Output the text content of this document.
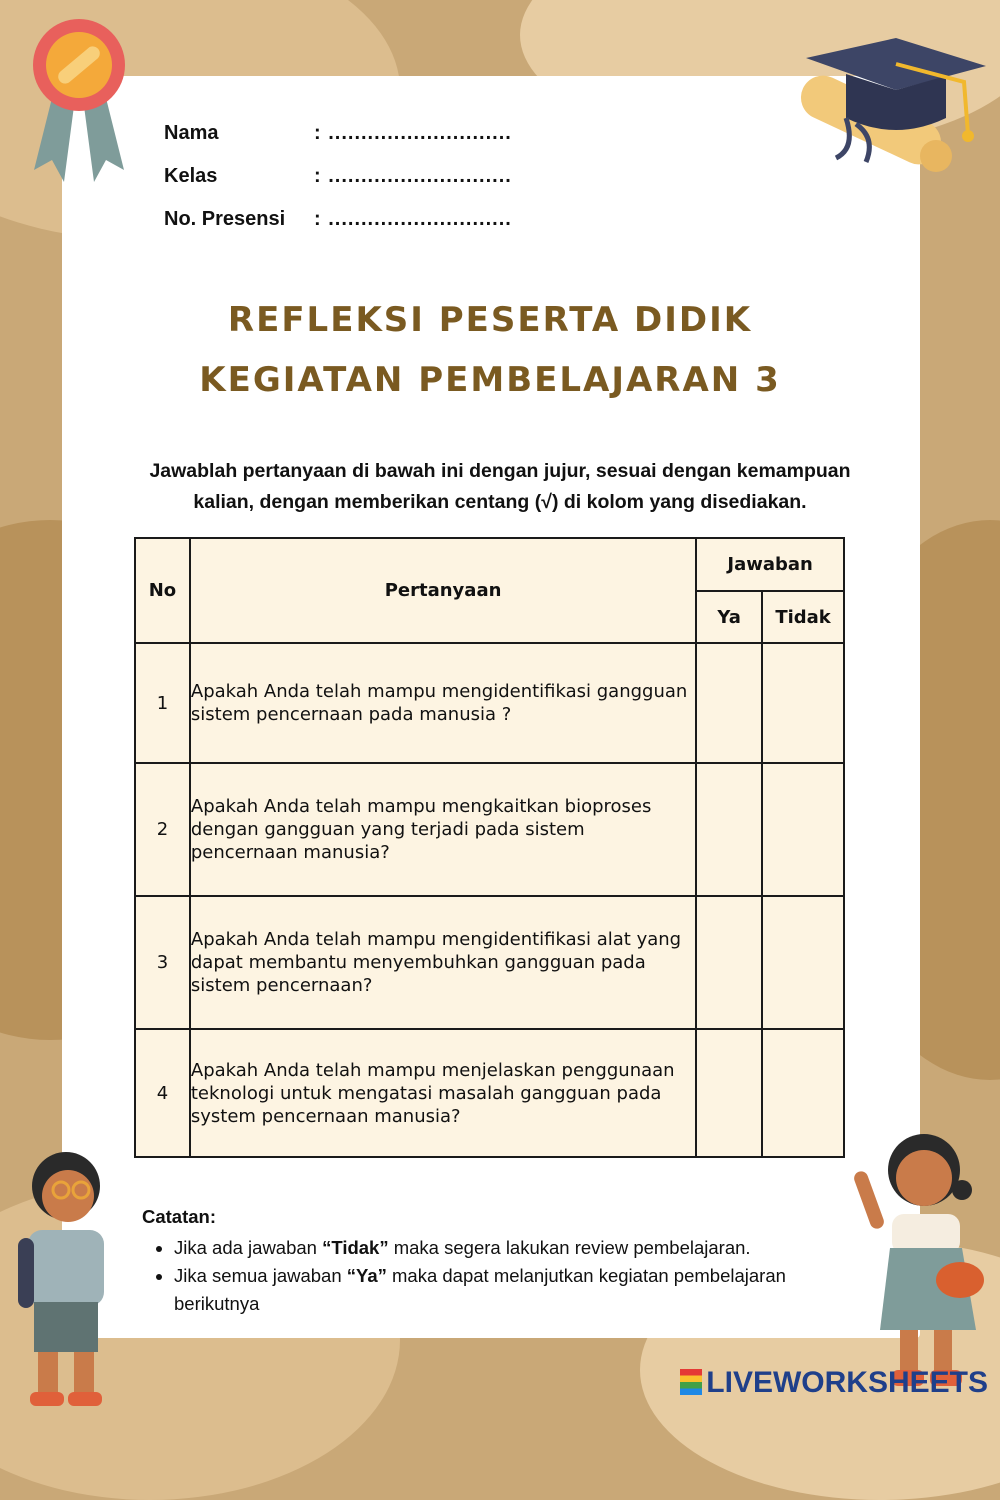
Nama	: ............................
Kelas	: ............................
No. Presensi	: ............................
REFLEKSI PESERTA DIDIK
KEGIATAN PEMBELAJARAN 3
Jawablah pertanyaan di bawah ini dengan jujur, sesuai dengan kemampuan
kalian, dengan memberikan centang (√) di kolom yang disediakan.
No	Pertanyaan	Jawaban	
		Ya	Tidak
1	Apakah Anda telah mampu mengidentifikasi gangguan sistem pencernaan pada manusia ?		
2	Apakah Anda telah mampu mengkaitkan bioproses dengan gangguan yang terjadi pada sistem pencernaan manusia?		
3	Apakah Anda telah mampu mengidentifikasi alat yang dapat membantu menyembuhkan gangguan pada sistem pencernaan?		
4	Apakah Anda telah mampu menjelaskan penggunaan teknologi untuk mengatasi masalah gangguan pada system pencernaan manusia?		
Catatan:
• Jika ada jawaban “Tidak” maka segera lakukan review pembelajaran.
• Jika semua jawaban “Ya” maka dapat melanjutkan kegiatan pembelajaran berikutnya
LIVEWORKSHEETS
